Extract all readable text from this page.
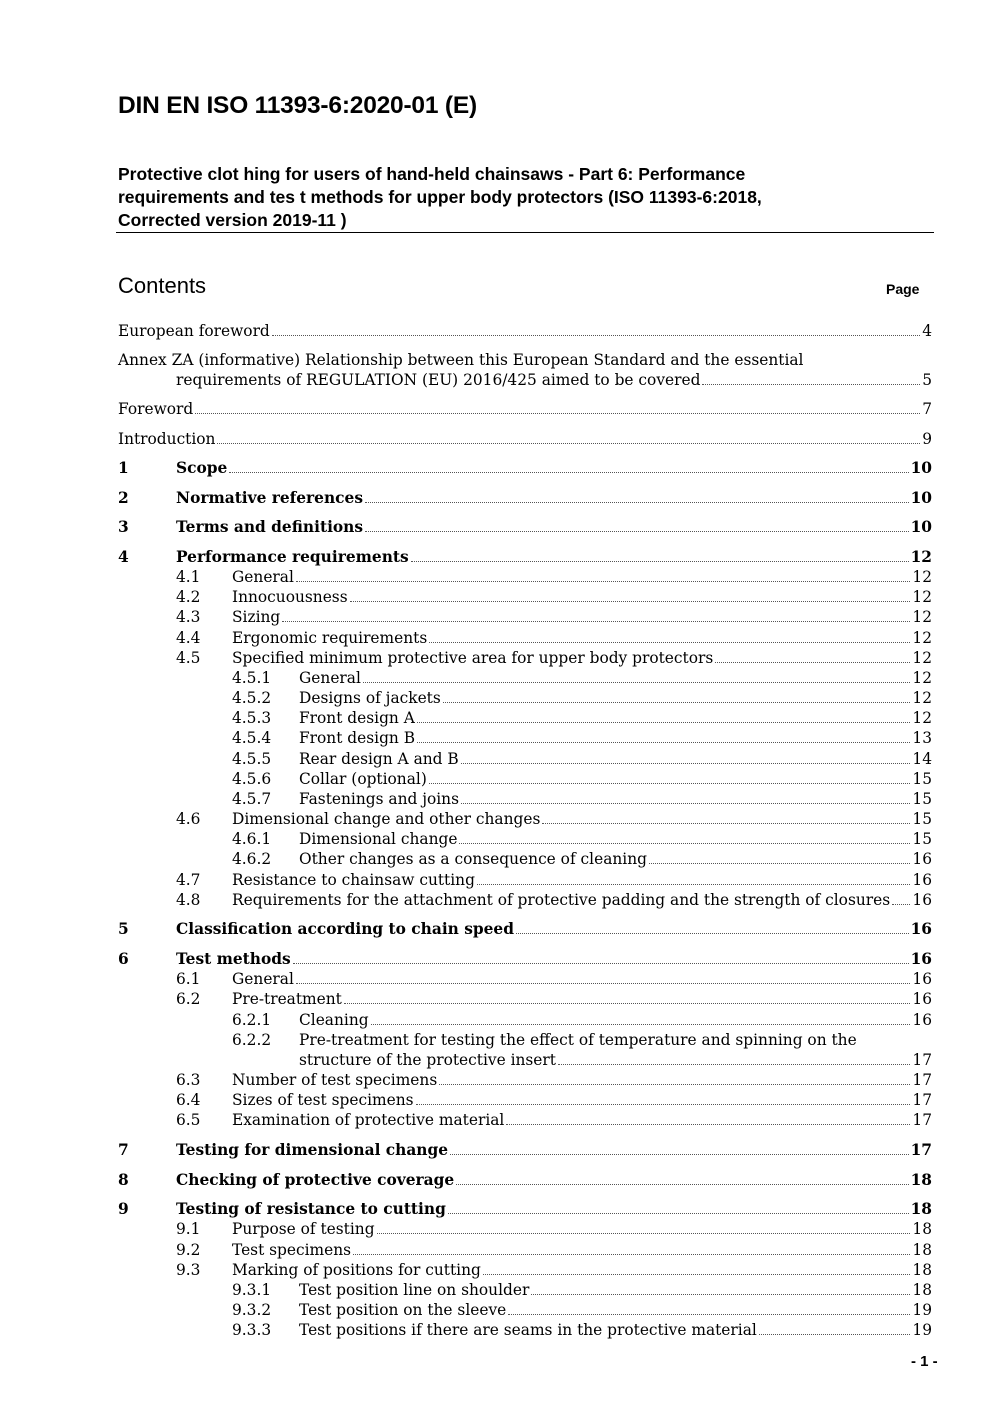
DIN EN ISO 11393-6:2020-01 (E)
Protective clot hing for users of hand-held chainsaws - Part 6: Performance
requirements and tes t methods for upper body protectors (ISO 11393-6:2018,
Corrected version 2019-11 )
Contents	Page
European foreword	4
Annex ZA (informative) Relationship between this European Standard and the essential
requirements of REGULATION (EU) 2016/425 aimed to be covered	5
Foreword	7
Introduction	9
1	Scope	10
2	Normative references	10
3	Terms and definitions	10
4	Performance requirements	12
4.1 General	12
4.2 Innocuousness	12
4.3 Sizing	12
4.4 Ergonomic requirements	12
4.5 Specified minimum protective area for upper body protectors	12
4.5.1 General	12
4.5.2 Designs of jackets	12
4.5.3 Front design A	12
4.5.4 Front design B	13
4.5.5 Rear design A and B	14
4.5.6 Collar (optional)	15
4.5.7 Fastenings and joins	15
4.6 Dimensional change and other changes	15
4.6.1 Dimensional change	15
4.6.2 Other changes as a consequence of cleaning	16
4.7 Resistance to chainsaw cutting	16
4.8 Requirements for the attachment of protective padding and the strength of closures 16
5	Classification according to chain speed	16
6	Test methods	16
6.1 General	16
6.2 Pre-treatment	16
6.2.1 Cleaning	16
6.2.2 Pre-treatment for testing the effect of temperature and spinning on the
structure of the protective insert	17
6.3 Number of test specimens	17
6.4 Sizes of test specimens	17
6.5 Examination of protective material	17
7	Testing for dimensional change	17
8	Checking of protective coverage	18
9	Testing of resistance to cutting	18
9.1 Purpose of testing	18
9.2 Test specimens	18
9.3 Marking of positions for cutting	18
9.3.1 Test position line on shoulder	18
9.3.2 Test position on the sleeve	19
9.3.3 Test positions if there are seams in the protective material	19
- 1 -
